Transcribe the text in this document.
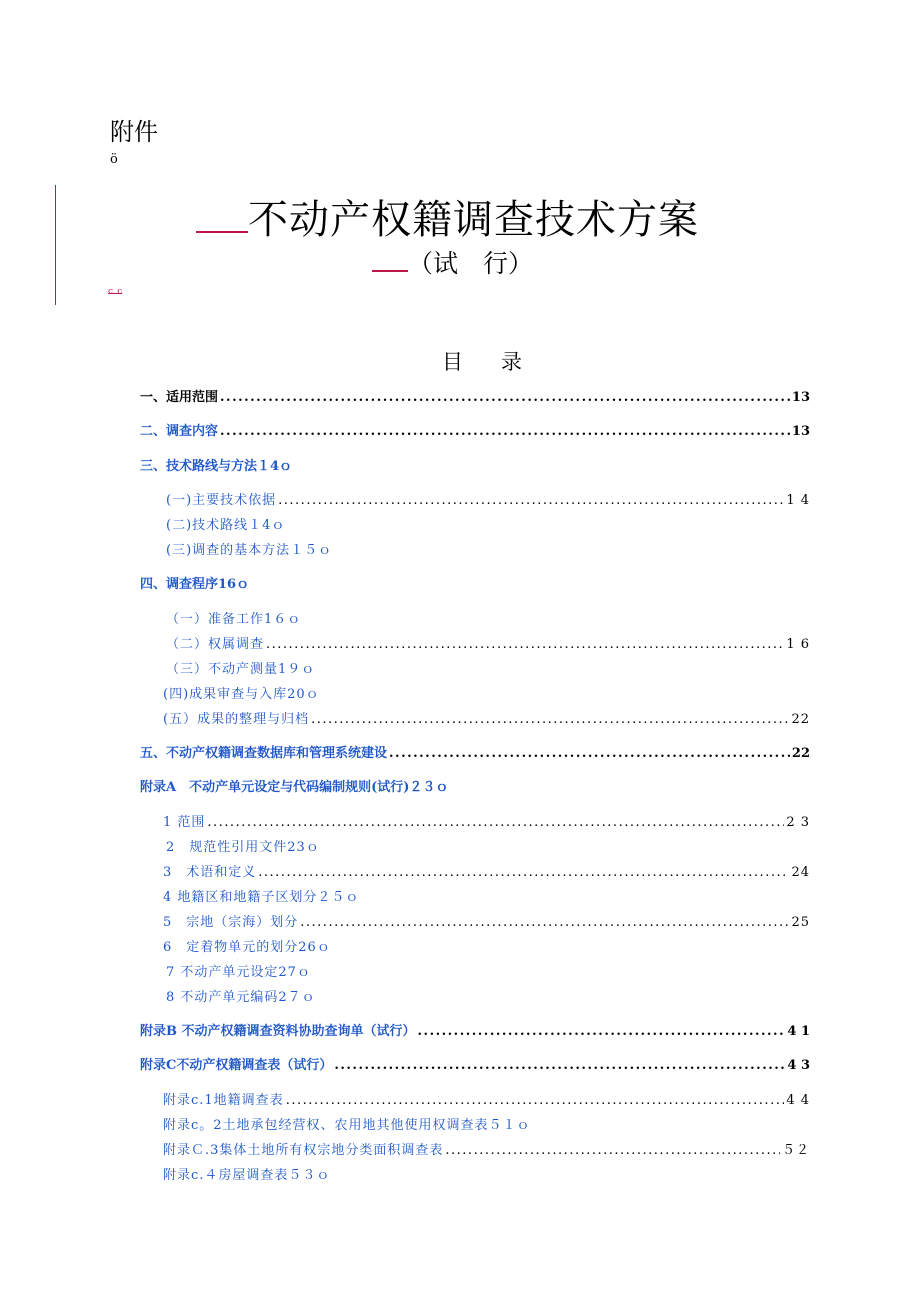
附件
ö
不动产权籍调查技术方案
（试　行）
ᶜ ᶜ
目录
一、适用范围 .....	13
二、调查内容 .....	13
三、技术路线与方法１4ｏ
(一)主要技术依据 .....	1 4
(二)技术路线１4ｏ
(三)调查的基本方法１５ｏ
四、调查程序16ｏ
（一）准备工作1６ｏ
（二）权属调查 .....	1 6
（三）不动产测量1９ｏ
(四)成果审查与入库20ｏ
(五）成果的整理与归档 .....	22
五、不动产权籍调查数据库和管理系统建设 .....	22
附录A　不动产单元设定与代码编制规则(试行)２３ｏ
1 范围 .....	2 3
2　规范性引用文件23ｏ
3　术语和定义 .....	24
4 地籍区和地籍子区划分２５ｏ
5　宗地（宗海）划分 .....	25
6　定着物单元的划分26ｏ
7 不动产单元设定27ｏ
8 不动产单元编码2７ｏ
附录B 不动产权籍调查资料协助查询单（试行） .....	4 1
附录C不动产权籍调查表（试行） .....	4 3
附录c.1地籍调查表 .....	4 4
附录c。2土地承包经营权、农用地其他使用权调查表５１ｏ
附录Ｃ.3集体土地所有权宗地分类面积调查表 .....	５２
附录c.４房屋调查表５３ｏ
